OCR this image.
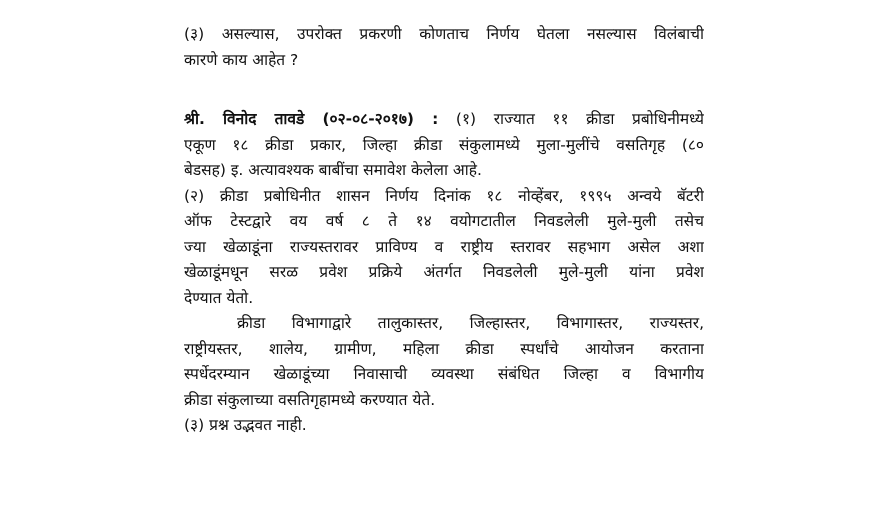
(३) असल्यास, उपरोक्त प्रकरणी कोणताच निर्णय घेतला नसल्यास विलंबाची
कारणे काय आहेत ?
श्री. विनोद तावडे (०२-०८-२०१७) : (१) राज्यात ११ क्रीडा प्रबोधिनीमध्ये
एकूण १८ क्रीडा प्रकार, जिल्हा क्रीडा संकुलामध्ये मुला-मुलींचे वसतिगृह (८०
बेडसह) इ. अत्यावश्यक बाबींचा समावेश केलेला आहे.
(२) क्रीडा प्रबोधिनीत शासन निर्णय दिनांक १८ नोव्हेंबर, १९९५ अन्वये बॅटरी
ऑफ टेस्टद्वारे वय वर्ष ८ ते १४ वयोगटातील निवडलेली मुले-मुली तसेच
ज्या खेळाडूंना राज्यस्तरावर प्राविण्य व राष्ट्रीय स्तरावर सहभाग असेल अशा
खेळाडूंमधून सरळ प्रवेश प्रक्रिये अंतर्गत निवडलेली मुले-मुली यांना प्रवेश
देण्यात येतो.
क्रीडा विभागाद्वारे तालुकास्तर, जिल्हास्तर, विभागास्तर, राज्यस्तर,
राष्ट्रीयस्तर, शालेय, ग्रामीण, महिला क्रीडा स्पर्धांचे आयोजन करताना
स्पर्धेदरम्यान खेळाडूंच्या निवासाची व्यवस्था संबंधित जिल्हा व विभागीय
क्रीडा संकुलाच्या वसतिगृहामध्ये करण्यात येते.
(३) प्रश्न उद्भवत नाही.
